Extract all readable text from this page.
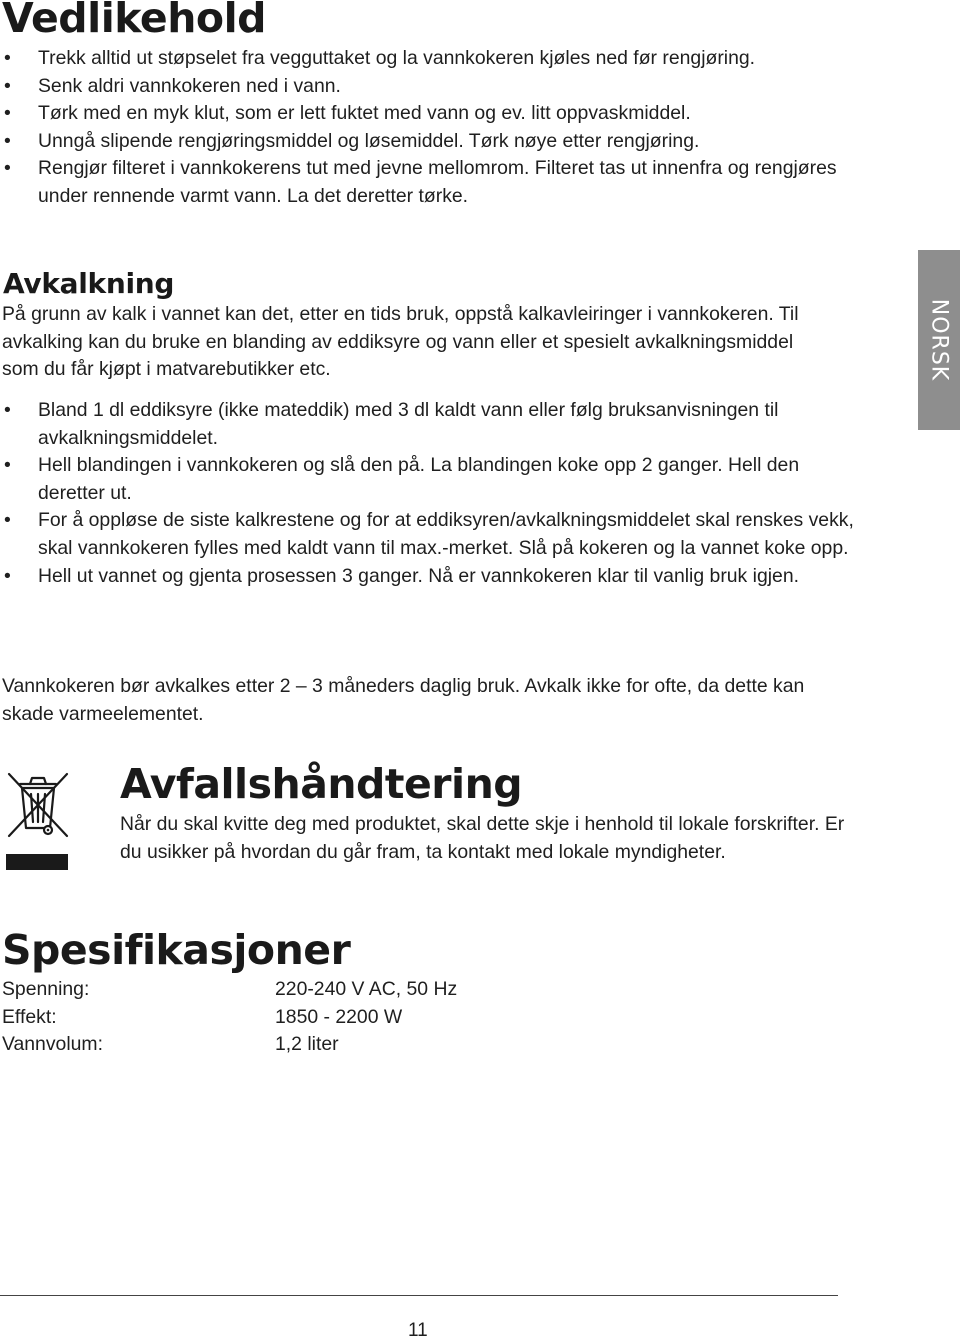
Vedlikehold
• Trekk alltid ut støpselet fra vegguttaket og la vannkokeren kjøles ned før rengjøring.
• Senk aldri vannkokeren ned i vann.
• Tørk med en myk klut, som er lett fuktet med vann og ev. litt oppvaskmiddel.
• Unngå slipende rengjøringsmiddel og løsemiddel. Tørk nøye etter rengjøring.
• Rengjør filteret i vannkokerens tut med jevne mellomrom. Filteret tas ut innenfra og rengjøres under rennende varmt vann. La det deretter tørke.
Avkalkning

På grunn av kalk i vannet kan det, etter en tids bruk, oppstå kalkavleiringer i vannkokeren. Til avkalking kan du bruke en blanding av eddiksyre og vann eller et spesielt avkalkningsmiddel som du får kjøpt i matvarebutikker etc.

• Bland 1 dl eddiksyre (ikke mateddik) med 3 dl kaldt vann eller følg bruksanvisningen til avkalkningsmiddelet.
• Hell blandingen i vannkokeren og slå den på. La blandingen koke opp 2 ganger. Hell den deretter ut.
• For å oppløse de siste kalkrestene og for at eddiksyren/avkalkningsmiddelet skal renskes vekk, skal vannkokeren fylles med kaldt vann til max.-merket. Slå på kokeren og la vannet koke opp.
• Hell ut vannet og gjenta prosessen 3 ganger. Nå er vannkokeren klar til vanlig bruk igjen.

Vannkokeren bør avkalkes etter 2 – 3 måneders daglig bruk. Avkalk ikke for ofte, da dette kan skade varmeelementet.

Avfallshåndtering

Når du skal kvitte deg med produktet, skal dette skje i henhold til lokale forskrifter. Er du usikker på hvordan du går fram, ta kontakt med lokale myndigheter.

Spesifikasjoner
Spenning:	220-240 V AC, 50 Hz
Effekt:	1850 - 2200 W
Vannvolum:	1,2 liter
NORSK
11
